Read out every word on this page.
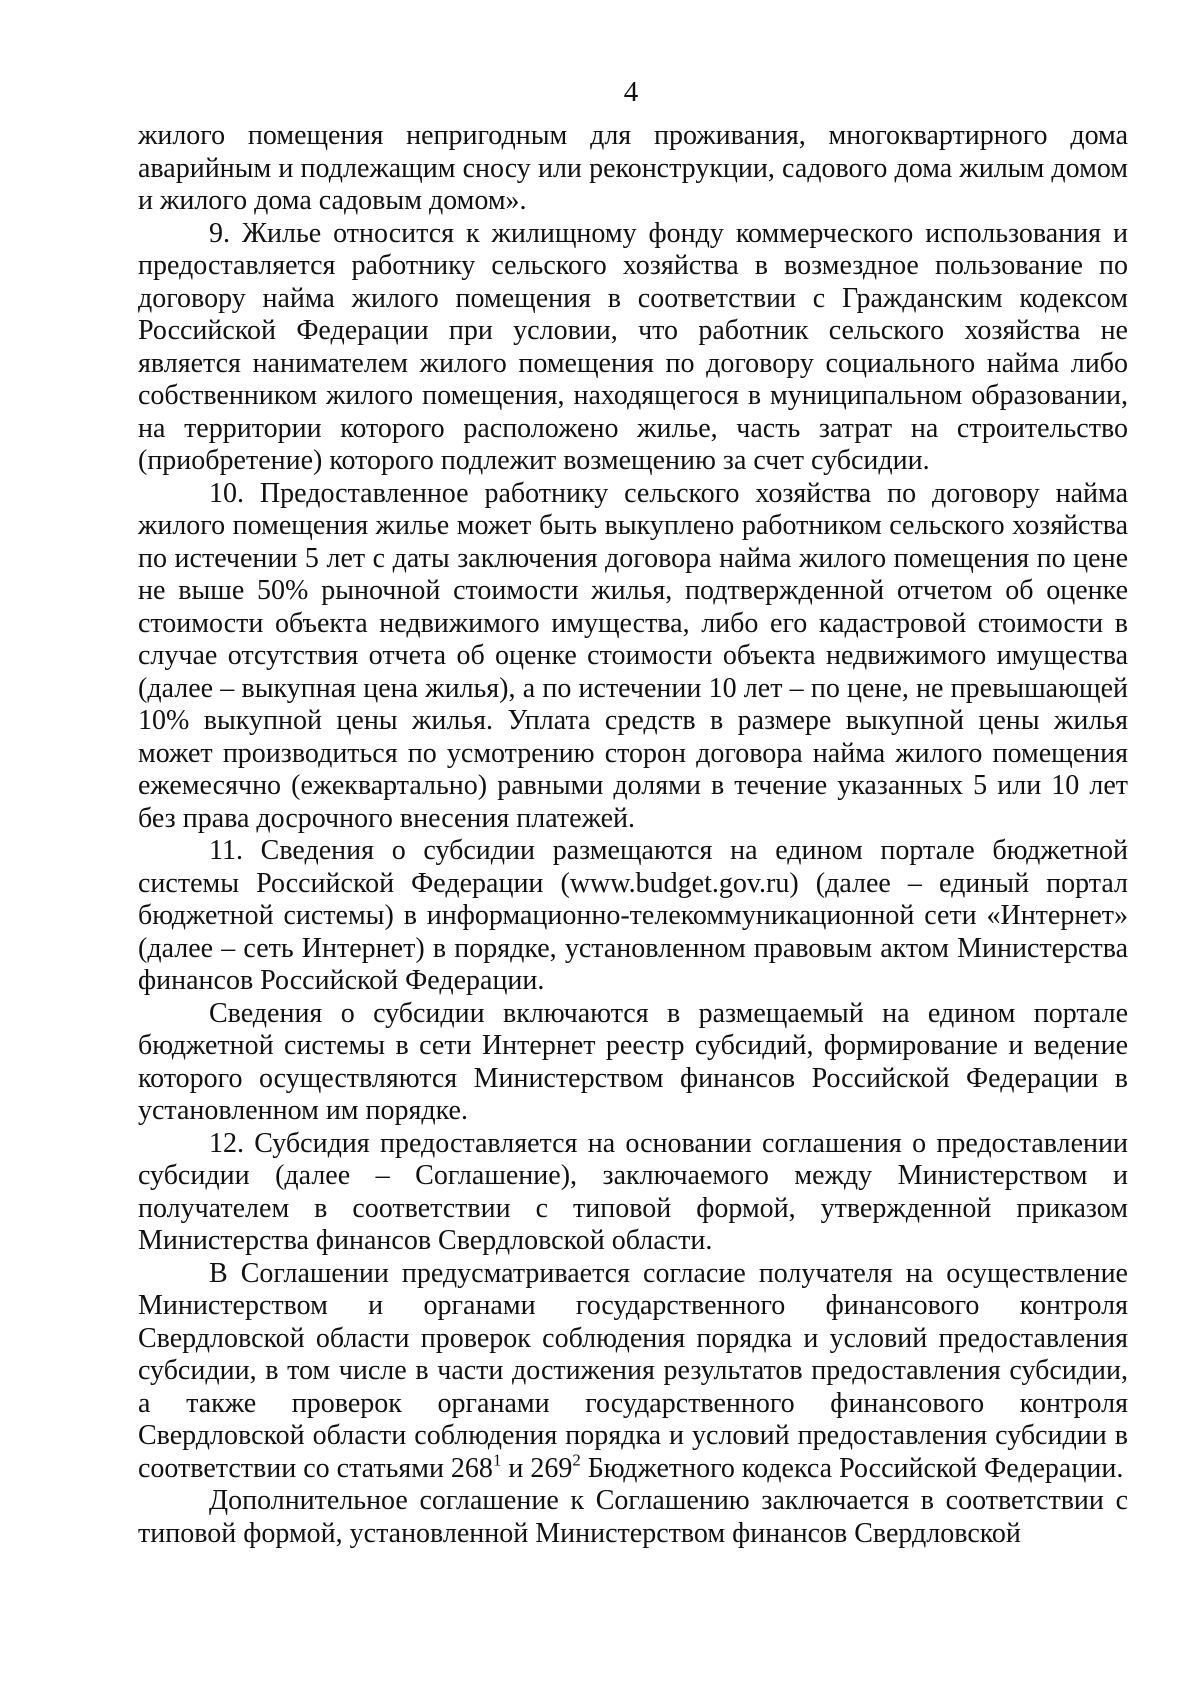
4

жилого помещения непригодным для проживания, многоквартирного дома аварийным и подлежащим сносу или реконструкции, садового дома жилым домом и жилого дома садовым домом».

9. Жилье относится к жилищному фонду коммерческого использования и предоставляется работнику сельского хозяйства в возмездное пользование по договору найма жилого помещения в соответствии с Гражданским кодексом Российской Федерации при условии, что работник сельского хозяйства не является нанимателем жилого помещения по договору социального найма либо собственником жилого помещения, находящегося в муниципальном образовании, на территории которого расположено жилье, часть затрат на строительство (приобретение) которого подлежит возмещению за счет субсидии.

10. Предоставленное работнику сельского хозяйства по договору найма жилого помещения жилье может быть выкуплено работником сельского хозяйства по истечении 5 лет с даты заключения договора найма жилого помещения по цене не выше 50% рыночной стоимости жилья, подтвержденной отчетом об оценке стоимости объекта недвижимого имущества, либо его кадастровой стоимости в случае отсутствия отчета об оценке стоимости объекта недвижимого имущества (далее – выкупная цена жилья), а по истечении 10 лет – по цене, не превышающей 10% выкупной цены жилья. Уплата средств в размере выкупной цены жилья может производиться по усмотрению сторон договора найма жилого помещения ежемесячно (ежеквартально) равными долями в течение указанных 5 или 10 лет без права досрочного внесения платежей.

11. Сведения о субсидии размещаются на едином портале бюджетной системы Российской Федерации (www.budget.gov.ru) (далее – единый портал бюджетной системы) в информационно-телекоммуникационной сети «Интернет» (далее – сеть Интернет) в порядке, установленном правовым актом Министерства финансов Российской Федерации.

Сведения о субсидии включаются в размещаемый на едином портале бюджетной системы в сети Интернет реестр субсидий, формирование и ведение которого осуществляются Министерством финансов Российской Федерации в установленном им порядке.

12. Субсидия предоставляется на основании соглашения о предоставлении субсидии (далее – Соглашение), заключаемого между Министерством и получателем в соответствии с типовой формой, утвержденной приказом Министерства финансов Свердловской области.

В Соглашении предусматривается согласие получателя на осуществление Министерством и органами государственного финансового контроля Свердловской области проверок соблюдения порядка и условий предоставления субсидии, в том числе в части достижения результатов предоставления субсидии, а также проверок органами государственного финансового контроля Свердловской области соблюдения порядка и условий предоставления субсидии в соответствии со статьями $268^1$ и $269^2$ Бюджетного кодекса Российской Федерации.

Дополнительное соглашение к Соглашению заключается в соответствии с типовой формой, установленной Министерством финансов Свердловской
